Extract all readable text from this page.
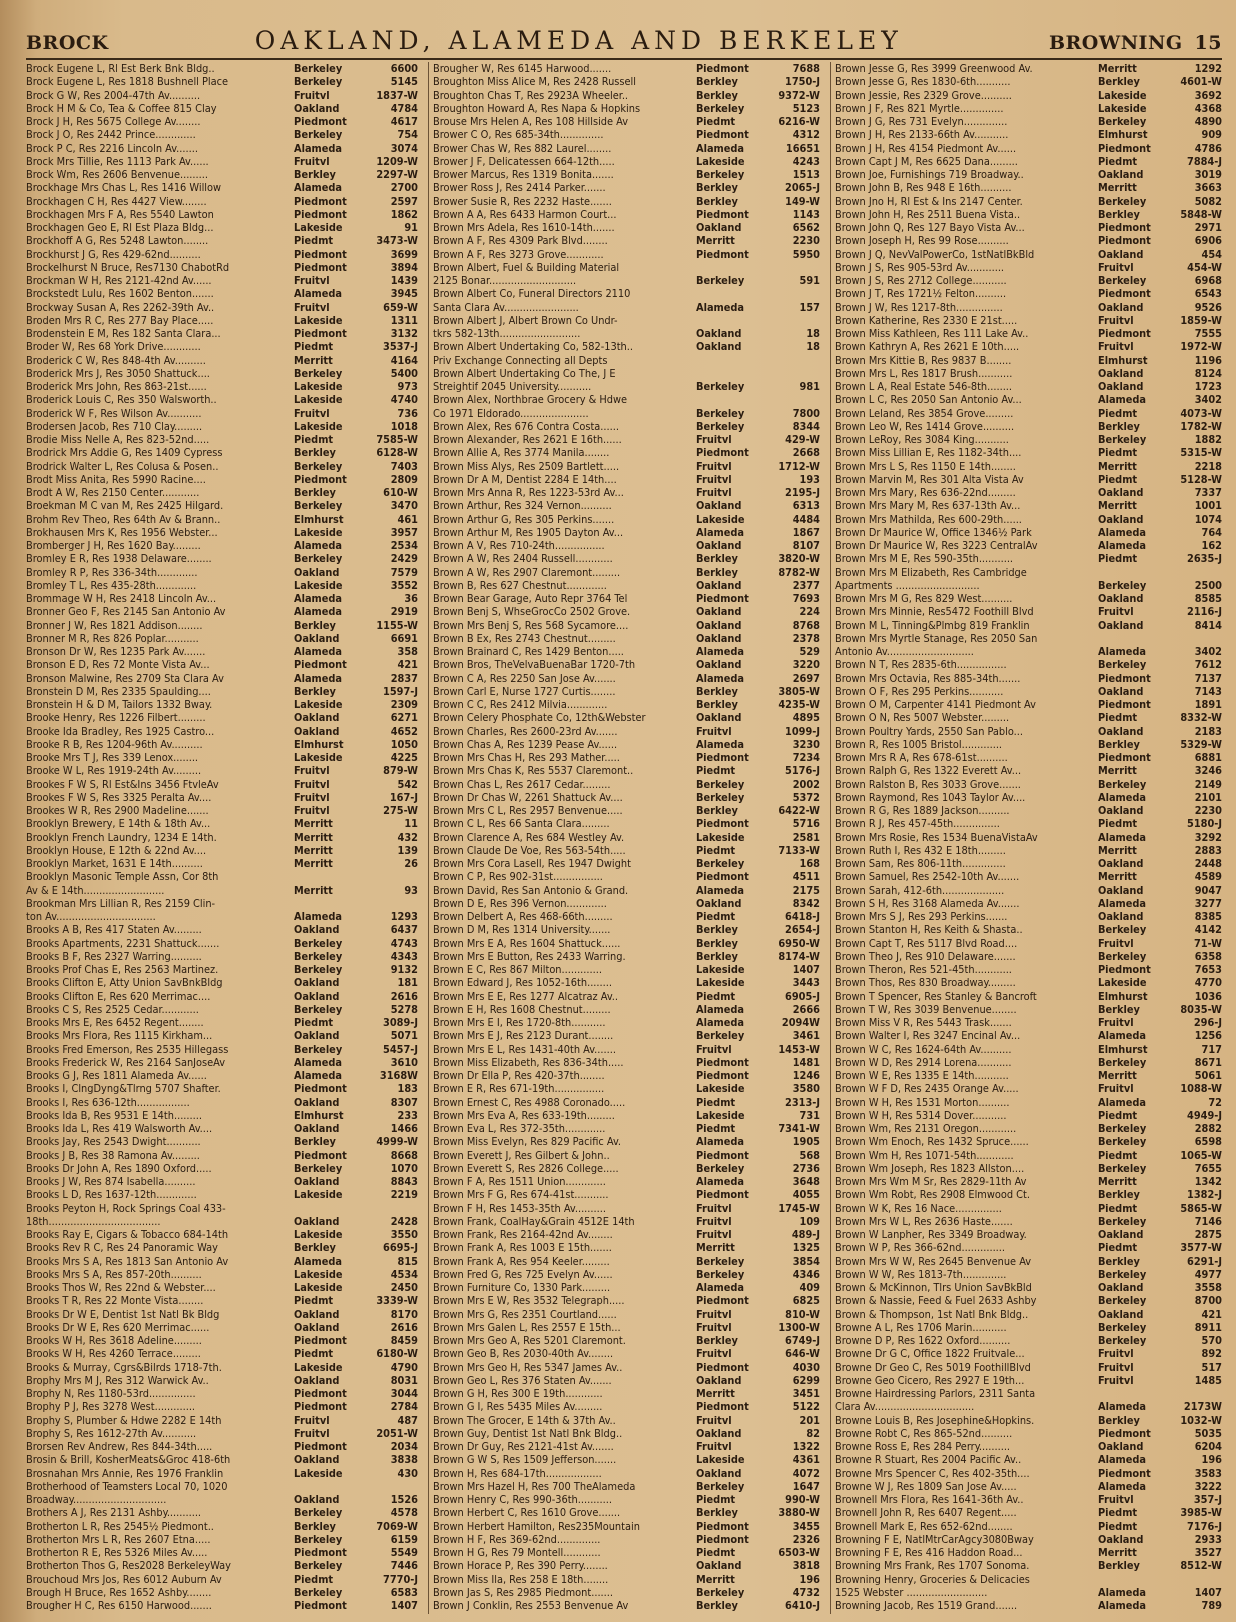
BROCK	OAKLAND, ALAMEDA AND BERKELEY	BROWNING 15
Brock Eugene L, Rl Est Berk Bnk Bldg..	Berkeley	6600
Brock Eugene L, Res 1818 Bushnell Place	Berkeley	5145
Brock G W, Res 2004-47th Av..........	Fruitvl	1837-W
Brock H M & Co, Tea & Coffee 815 Clay	Oakland	4784
Brock J H, Res 5675 College Av........	Piedmont	4617
Brock J O, Res 2442 Prince.............	Berkeley	754
Brock P C, Res 2216 Lincoln Av.......	Alameda	3074
Brock Mrs Tillie, Res 1113 Park Av......	Fruitvl	1209-W
Brock Wm, Res 2606 Benvenue.........	Berkley	2297-W
Brockhage Mrs Chas L, Res 1416 Willow	Alameda	2700
Brockhagen C H, Res 4427 View........	Piedmont	2597
Brockhagen Mrs F A, Res 5540 Lawton	Piedmont	1862
Brockhagen Geo E, Rl Est Plaza Bldg...	Lakeside	91
Brockhoff A G, Res 5248 Lawton........	Piedmt	3473-W
Brockhurst J G, Res 429-62nd..........	Piedmont	3699
Brockelhurst N Bruce, Res7130 ChabotRd	Piedmont	3894
Brockman W H, Res 2121-42nd Av......	Fruitvl	1439
Brockstedt Lulu, Res 1602 Benton.......	Alameda	3945
Brockway Susan A, Res 2262-39th Av..	Fruitvl	659-W
Broden Mrs R C, Res 277 Bay Place.....	Lakeside	1311
Brodenstein E M, Res 182 Santa Clara...	Piedmont	3132
Broder W, Res 68 York Drive............	Piedmt	3537-J
Broderick C W, Res 848-4th Av..........	Merritt	4164
Broderick Mrs J, Res 3050 Shattuck....	Berkeley	5400
Broderick Mrs John, Res 863-21st......	Lakeside	973
Broderick Louis C, Res 350 Walsworth..	Lakeside	4740
Broderick W F, Res Wilson Av...........	Fruitvl	736
Brodersen Jacob, Res 710 Clay.........	Lakeside	1018
Brodie Miss Nelle A, Res 823-52nd.....	Piedmt	7585-W
Brodrick Mrs Addie G, Res 1409 Cypress	Berkley	6128-W
Brodrick Walter L, Res Colusa & Posen..	Berkeley	7403
Brodt Miss Anita, Res 5990 Racine....	Piedmont	2809
Brodt A W, Res 2150 Center............	Berkley	610-W
Broekman M C van M, Res 2425 Hilgard.	Berkeley	3470
Brohm Rev Theo, Res 64th Av & Brann..	Elmhurst	461
Brokhausen Mrs K, Res 1956 Webster...	Lakeside	3957
Bromberger J H, Res 1620 Bay.........	Alameda	2534
Bromley E R, Res 1938 Delaware........	Berkeley	2429
Bromley R P, Res 336-34th.............	Oakland	7579
Bromley T L, Res 435-28th.............	Lakeside	3552
Brommage W H, Res 2418 Lincoln Av...	Alameda	36
Bronner Geo F, Res 2145 San Antonio Av	Alameda	2919
Bronner J W, Res 1821 Addison........	Berkley	1155-W
Bronner M R, Res 826 Poplar...........	Oakland	6691
Bronson Dr W, Res 1235 Park Av.......	Alameda	358
Bronson E D, Res 72 Monte Vista Av...	Piedmont	421
Bronson Malwine, Res 2709 Sta Clara Av	Alameda	2837
Bronstein D M, Res 2335 Spaulding....	Berkley	1597-J
Bronstein H & D M, Tailors 1332 Bway.	Lakeside	2309
Brooke Henry, Res 1226 Filbert.........	Oakland	6271
Brooke Ida Bradley, Res 1925 Castro...	Oakland	4652
Brooke R B, Res 1204-96th Av..........	Elmhurst	1050
Brooke Mrs T J, Res 339 Lenox........	Lakeside	4225
Brooke W L, Res 1919-24th Av.........	Fruitvl	879-W
Brookes F W S, Rl Est&Ins 3456 FtvleAv	Fruitvl	542
Brookes F W S, Res 3325 Peralta Av....	Fruitvl	167-J
Brookes W R, Res 2900 Madeline.......	Fruitvl	275-W
Brooklyn Brewery, E 14th & 18th Av...	Merritt	11
Brooklyn French Laundry, 1234 E 14th.	Merritt	432
Brooklyn House, E 12th & 22nd Av....	Merritt	139
Brooklyn Market, 1631 E 14th..........	Merritt	26
Brooklyn Masonic Temple Assn, Cor 8th
Av & E 14th..........................	Merritt	93
Brookman Mrs Lillian R, Res 2159 Clin-
ton Av................................	Alameda	1293
Brooks A B, Res 417 Staten Av.........	Oakland	6437
Brooks Apartments, 2231 Shattuck.......	Berkeley	4743
Brooks B F, Res 2327 Warring..........	Berkeley	4343
Brooks Prof Chas E, Res 2563 Martinez.	Berkeley	9132
Brooks Clifton E, Atty Union SavBnkBldg	Oakland	181
Brooks Clifton E, Res 620 Merrimac....	Oakland	2616
Brooks C S, Res 2525 Cedar............	Berkeley	5278
Brooks Mrs E, Res 6452 Regent........	Piedmt	3089-J
Brooks Mrs Flora, Res 1115 Kirkham...	Oakland	5071
Brooks Fred Emerson, Res 2535 Hillegass	Berkeley	5457-J
Brooks Frederick W, Res 2164 SanJoseAv	Alameda	3610
Brooks G J, Res 1811 Alameda Av......	Alameda	3168W
Brooks I, ClngDyng&Tlrng 5707 Shafter.	Piedmont	183
Brooks I, Res 636-12th.................	Oakland	8307
Brooks Ida B, Res 9531 E 14th.........	Elmhurst	233
Brooks Ida L, Res 419 Walsworth Av....	Oakland	1466
Brooks Jay, Res 2543 Dwight...........	Berkley	4999-W
Brooks J B, Res 38 Ramona Av.........	Piedmont	8668
Brooks Dr John A, Res 1890 Oxford.....	Berkeley	1070
Brooks J W, Res 874 Isabella..........	Oakland	8843
Brooks L D, Res 1637-12th.............	Lakeside	2219
Brooks Peyton H, Rock Springs Coal 433-
18th....................................	Oakland	2428
Brooks Ray E, Cigars & Tobacco 684-14th	Lakeside	3550
Brooks Rev R C, Res 24 Panoramic Way	Berkley	6695-J
Brooks Mrs S A, Res 1813 San Antonio Av	Alameda	815
Brooks Mrs S A, Res 857-20th..........	Lakeside	4534
Brooks Thos W, Res 22nd & Webster....	Lakeside	2450
Brooks T R, Res 22 Monte Vista........	Piedmt	3339-W
Brooks Dr W E, Dentist 1st Natl Bk Bldg	Oakland	8170
Brooks Dr W E, Res 620 Merrimac......	Oakland	2616
Brooks W H, Res 3618 Adeline.........	Piedmont	8459
Brooks W H, Res 4260 Terrace.........	Piedmt	6180-W
Brooks & Murray, Cgrs&Bilrds 1718-7th.	Lakeside	4790
Brophy Mrs M J, Res 312 Warwick Av..	Oakland	8031
Brophy N, Res 1180-53rd...............	Piedmont	3044
Brophy P J, Res 3278 West.............	Piedmont	2784
Brophy S, Plumber & Hdwe 2282 E 14th	Fruitvl	487
Brophy S, Res 1612-27th Av...........	Fruitvl	2051-W
Brorsen Rev Andrew, Res 844-34th.....	Piedmont	2034
Brosin & Brill, KosherMeats&Groc 418-6th	Oakland	3838
Brosnahan Mrs Annie, Res 1976 Franklin	Lakeside	430
Brotherhood of Teamsters Local 70, 1020
Broadway..............................	Oakland	1526
Brothers A J, Res 2131 Ashby...........	Berkeley	4578
Brotherton L R, Res 2545½ Piedmont..	Berkley	7069-W
Brotherton Mrs L R, Res 2607 Etna.....	Berkeley	6159
Brotherton R E, Res 5326 Miles Av.....	Piedmont	5549
Brotherton Thos G, Res2028 BerkeleyWay	Berkeley	7446
Brouchoud Mrs Jos, Res 6012 Auburn Av	Piedmt	7770-J
Brough H Bruce, Res 1652 Ashby........	Berkeley	6583
Brougher H C, Res 6150 Harwood.......	Piedmont	1407
Brougher W, Res 6145 Harwood.......	Piedmont	7688
Broughton Miss Alice M, Res 2428 Russell	Berkley	1750-J
Broughton Chas T, Res 2923A Wheeler..	Berkley	9372-W
Broughton Howard A, Res Napa & Hopkins	Berkeley	5123
Brouse Mrs Helen A, Res 108 Hillside Av	Piedmt	6216-W
Brower C O, Res 685-34th..............	Piedmont	4312
Brower Chas W, Res 882 Laurel........	Alameda	16651
Brower J F, Delicatessen 664-12th.....	Lakeside	4243
Brower Marcus, Res 1319 Bonita.......	Berkeley	1513
Brower Ross J, Res 2414 Parker.......	Berkley	2065-J
Brower Susie R, Res 2232 Haste.......	Berkley	149-W
Brown A A, Res 6433 Harmon Court...	Piedmont	1143
Brown Mrs Adela, Res 1610-14th.......	Oakland	6562
Brown A F, Res 4309 Park Blvd........	Merritt	2230
Brown A F, Res 3273 Grove............	Piedmont	5950
Brown Albert, Fuel & Building Material
2125 Bonar............................	Berkeley	591
Brown Albert Co, Funeral Directors 2110
Santa Clara Av........................	Alameda	157
Brown Albert J, Albert Brown Co Undr-
tkrs 582-13th..........................	Oakland	18
Brown Albert Undertaking Co, 582-13th..	Oakland	18
Priv Exchange Connecting all Depts
Brown Albert Undertaking Co The, J E
Streightif 2045 University...........	Berkeley	981
Brown Alex, Northbrae Grocery & Hdwe
Co 1971 Eldorado......................	Berkeley	7800
Brown Alex, Res 676 Contra Costa......	Berkeley	8344
Brown Alexander, Res 2621 E 16th......	Fruitvl	429-W
Brown Allie A, Res 3774 Manila........	Piedmont	2668
Brown Miss Alys, Res 2509 Bartlett.....	Fruitvl	1712-W
Brown Dr A M, Dentist 2284 E 14th....	Fruitvl	193
Brown Mrs Anna R, Res 1223-53rd Av...	Fruitvl	2195-J
Brown Arthur, Res 324 Vernon..........	Oakland	6313
Brown Arthur G, Res 305 Perkins.......	Lakeside	4484
Brown Arthur M, Res 1905 Dayton Av...	Alameda	1867
Brown A V, Res 710-24th................	Oakland	8107
Brown A W, Res 2404 Russell............	Berkley	3820-W
Brown A W, Res 2907 Claremont.........	Berkley	8782-W
Brown B, Res 627 Chestnut.............	Oakland	2377
Brown Bear Garage, Auto Repr 3764 Tel	Piedmont	7693
Brown Benj S, WhseGrocCo 2502 Grove.	Oakland	224
Brown Mrs Benj S, Res 568 Sycamore....	Oakland	8768
Brown B Ex, Res 2743 Chestnut.........	Oakland	2378
Brown Brainard C, Res 1429 Benton.....	Alameda	529
Brown Bros, TheVelvaBuenaBar 1720-7th	Oakland	3220
Brown C A, Res 2250 San Jose Av.......	Alameda	2697
Brown Carl E, Nurse 1727 Curtis........	Berkley	3805-W
Brown C C, Res 2412 Milvia.............	Berkley	4235-W
Brown Celery Phosphate Co, 12th&Webster	Oakland	4895
Brown Charles, Res 2600-23rd Av.......	Fruitvl	1099-J
Brown Chas A, Res 1239 Pease Av......	Alameda	3230
Brown Mrs Chas H, Res 293 Mather.....	Piedmont	7234
Brown Mrs Chas K, Res 5537 Claremont..	Piedmt	5176-J
Brown Chas L, Res 2617 Cedar.........	Berkeley	2002
Brown Dr Chas W, 2261 Shattuck Av....	Berkeley	5372
Brown Mrs C L, Res 2957 Benvenue.....	Berkley	6422-W
Brown C L, Res 66 Santa Clara.........	Piedmont	5716
Brown Clarence A, Res 684 Westley Av.	Lakeside	2581
Brown Claude De Voe, Res 563-54th.....	Piedmt	7133-W
Brown Mrs Cora Lasell, Res 1947 Dwight	Berkeley	168
Brown C P, Res 902-31st................	Piedmont	4511
Brown David, Res San Antonio & Grand.	Alameda	2175
Brown D E, Res 396 Vernon.............	Oakland	8342
Brown Delbert A, Res 468-66th.........	Piedmt	6418-J
Brown D M, Res 1314 University.......	Berkley	2654-J
Brown Mrs E A, Res 1604 Shattuck......	Berkley	6950-W
Brown Mrs E Button, Res 2433 Warring.	Berkley	8174-W
Brown E C, Res 867 Milton.............	Lakeside	1407
Brown Edward J, Res 1052-16th........	Lakeside	3443
Brown Mrs E E, Res 1277 Alcatraz Av..	Piedmt	6905-J
Brown E H, Res 1608 Chestnut.........	Alameda	2666
Brown Mrs E I, Res 1720-8th...........	Alameda	2094W
Brown Mrs E J, Res 2123 Durant........	Berkeley	3461
Brown Mrs E L, Res 1431-40th Av.......	Fruitvl	1453-W
Brown Miss Elizabeth, Res 836-34th.....	Piedmont	1481
Brown Dr Ella P, Res 420-37th........	Piedmont	1246
Brown E R, Res 671-19th................	Lakeside	3580
Brown Ernest C, Res 4988 Coronado.....	Piedmt	2313-J
Brown Mrs Eva A, Res 633-19th.........	Lakeside	731
Brown Eva L, Res 372-35th.............	Piedmt	7341-W
Brown Miss Evelyn, Res 829 Pacific Av.	Alameda	1905
Brown Everett J, Res Gilbert & John..	Piedmont	568
Brown Everett S, Res 2826 College.....	Berkeley	2736
Brown F A, Res 1511 Union.............	Alameda	3648
Brown Mrs F G, Res 674-41st...........	Piedmont	4055
Brown F H, Res 1453-35th Av..........	Fruitvl	1745-W
Brown Frank, CoalHay&Grain 4512E 14th	Fruitvl	109
Brown Frank, Res 2164-42nd Av........	Fruitvl	489-J
Brown Frank A, Res 1003 E 15th.......	Merritt	1325
Brown Frank A, Res 954 Keeler.........	Berkeley	3854
Brown Fred G, Res 725 Evelyn Av......	Berkeley	4346
Brown Furniture Co, 1330 Park.........	Alameda	409
Brown Mrs E W, Res 3532 Telegraph.....	Piedmont	6825
Brown Mrs G, Res 2351 Courtland......	Fruitvl	810-W
Brown Mrs Galen L, Res 2557 E 15th...	Fruitvl	1300-W
Brown Mrs Geo A, Res 5201 Claremont.	Berkley	6749-J
Brown Geo B, Res 2030-40th Av........	Fruitvl	646-W
Brown Mrs Geo H, Res 5347 James Av..	Piedmont	4030
Brown Geo L, Res 376 Staten Av.......	Oakland	6299
Brown G H, Res 300 E 19th............	Merritt	3451
Brown G I, Res 5435 Miles Av.........	Piedmont	5122
Brown The Grocer, E 14th & 37th Av..	Fruitvl	201
Brown Guy, Dentist 1st Natl Bnk Bldg..	Oakland	82
Brown Dr Guy, Res 2121-41st Av.......	Fruitvl	1322
Brown G W S, Res 1509 Jefferson.......	Lakeside	4361
Brown H, Res 684-17th..................	Oakland	4072
Brown Mrs Hazel H, Res 700 TheAlameda	Berkeley	1647
Brown Henry C, Res 990-36th...........	Piedmt	990-W
Brown Herbert C, Res 1610 Grove.......	Berkley	3880-W
Brown Herbert Hamilton, Res235Mountain	Piedmont	3455
Brown H F, Res 369-62nd..............	Piedmont	2326
Brown H G, Res 79 Montell............	Piedmt	6503-W
Brown Horace P, Res 390 Perry........	Oakland	3818
Brown Miss Ila, Res 258 E 18th........	Merritt	196
Brown Jas S, Res 2985 Piedmont.......	Berkeley	4732
Brown J Conklin, Res 2553 Benvenue Av	Berkley	6410-J
Brown Jesse G, Res 3999 Greenwood Av.	Merritt	1292
Brown Jesse G, Res 1830-6th...........	Berkley	4601-W
Brown Jessie, Res 2329 Grove..........	Lakeside	3692
Brown J F, Res 821 Myrtle..............	Lakeside	4368
Brown J G, Res 731 Evelyn..............	Berkeley	4890
Brown J H, Res 2133-66th Av...........	Elmhurst	909
Brown J H, Res 4154 Piedmont Av......	Piedmont	4786
Brown Capt J M, Res 6625 Dana.........	Piedmt	7884-J
Brown Joe, Furnishings 719 Broadway..	Oakland	3019
Brown John B, Res 948 E 16th..........	Merritt	3663
Brown Jno H, Rl Est & Ins 2147 Center.	Berkeley	5082
Brown John H, Res 2511 Buena Vista..	Berkley	5848-W
Brown John Q, Res 127 Bayo Vista Av...	Piedmont	2971
Brown Joseph H, Res 99 Rose..........	Piedmont	6906
Brown J Q, NevValPowerCo, 1stNatlBkBld	Oakland	454
Brown J S, Res 905-53rd Av............	Fruitvl	454-W
Brown J S, Res 2712 College...........	Berkeley	6968
Brown J T, Res 1721½ Felton..........	Piedmont	6543
Brown J W, Res 1217-8th...............	Oakland	9526
Brown Katherine, Res 2330 E 21st.....	Fruitvl	1859-W
Brown Miss Kathleen, Res 111 Lake Av..	Piedmont	7555
Brown Kathryn A, Res 2621 E 10th.....	Fruitvl	1972-W
Brown Mrs Kittie B, Res 9837 B........	Elmhurst	1196
Brown Mrs L, Res 1817 Brush...........	Oakland	8124
Brown L A, Real Estate 546-8th........	Oakland	1723
Brown L C, Res 2050 San Antonio Av...	Alameda	3402
Brown Leland, Res 3854 Grove.........	Piedmt	4073-W
Brown Leo W, Res 1414 Grove..........	Berkley	1782-W
Brown LeRoy, Res 3084 King...........	Berkeley	1882
Brown Miss Lillian E, Res 1182-34th....	Piedmt	5315-W
Brown Mrs L S, Res 1150 E 14th........	Merritt	2218
Brown Marvin M, Res 301 Alta Vista Av	Piedmt	5128-W
Brown Mrs Mary, Res 636-22nd.........	Oakland	7337
Brown Mrs Mary M, Res 637-13th Av...	Merritt	1001
Brown Mrs Mathilda, Res 600-29th......	Oakland	1074
Brown Dr Maurice W, Office 1346½ Park	Alameda	764
Brown Dr Maurice W, Res 3223 CentralAv	Alameda	162
Brown Mrs M E, Res 590-35th...........	Piedmt	2635-J
Brown Mrs M Elizabeth, Res Cambridge
Apartments ...........................	Berkeley	2500
Brown Mrs M G, Res 829 West..........	Oakland	8585
Brown Mrs Minnie, Res5472 Foothill Blvd	Fruitvl	2116-J
Brown M L, Tinning&Plmbg 819 Franklin	Oakland	8414
Brown Mrs Myrtle Stanage, Res 2050 San
Antonio Av............................	Alameda	3402
Brown N T, Res 2835-6th................	Berkeley	7612
Brown Mrs Octavia, Res 885-34th.......	Piedmont	7137
Brown O F, Res 295 Perkins...........	Oakland	7143
Brown O M, Carpenter 4141 Piedmont Av	Piedmont	1891
Brown O N, Res 5007 Webster.........	Piedmt	8332-W
Brown Poultry Yards, 2550 San Pablo...	Oakland	2183
Brown R, Res 1005 Bristol.............	Berkley	5329-W
Brown Mrs R A, Res 678-61st..........	Piedmont	6881
Brown Ralph G, Res 1322 Everett Av...	Merritt	3246
Brown Ralston B, Res 3033 Grove.......	Berkeley	2149
Brown Raymond, Res 1043 Taylor Av....	Alameda	2101
Brown R G, Res 1889 Jackson..........	Oakland	2230
Brown R J, Res 457-45th...............	Piedmt	5180-J
Brown Mrs Rosie, Res 1534 BuenaVistaAv	Alameda	3292
Brown Ruth I, Res 432 E 18th.........	Merritt	2883
Brown Sam, Res 806-11th..............	Oakland	2448
Brown Samuel, Res 2542-10th Av.......	Merritt	4589
Brown Sarah, 412-6th....................	Oakland	9047
Brown S H, Res 3168 Alameda Av.......	Alameda	3277
Brown Mrs S J, Res 293 Perkins.......	Oakland	8385
Brown Stanton H, Res Keith & Shasta..	Berkeley	4142
Brown Capt T, Res 5117 Blvd Road....	Fruitvl	71-W
Brown Theo J, Res 910 Delaware.......	Berkeley	6358
Brown Theron, Res 521-45th............	Piedmont	7653
Brown Thos, Res 830 Broadway.........	Lakeside	4770
Brown T Spencer, Res Stanley & Bancroft	Elmhurst	1036
Brown T W, Res 3039 Benvenue........	Berkley	8035-W
Brown Miss V R, Res 5443 Trask.......	Fruitvl	296-J
Brown Walter I, Res 3247 Encinal Av...	Alameda	1256
Brown W C, Res 1624-64th Av..........	Elmhurst	717
Brown W D, Res 2914 Lorena...........	Berkeley	8671
Brown W E, Res 1335 E 14th...........	Merritt	5061
Brown W F D, Res 2435 Orange Av.....	Fruitvl	1088-W
Brown W H, Res 1531 Morton..........	Alameda	72
Brown W H, Res 5314 Dover...........	Piedmt	4949-J
Brown Wm, Res 2131 Oregon............	Berkeley	2882
Brown Wm Enoch, Res 1432 Spruce......	Berkeley	6598
Brown Wm H, Res 1071-54th............	Piedmt	1065-W
Brown Wm Joseph, Res 1823 Allston....	Berkeley	7655
Brown Mrs Wm M Sr, Res 2829-11th Av	Merritt	1342
Brown Wm Robt, Res 2908 Elmwood Ct.	Berkley	1382-J
Brown W K, Res 16 Nace...............	Piedmt	5865-W
Brown Mrs W L, Res 2636 Haste.......	Berkeley	7146
Brown W Lanpher, Res 3349 Broadway.	Oakland	2875
Brown W P, Res 366-62nd..............	Piedmt	3577-W
Brown Mrs W W, Res 2645 Benvenue Av	Berkley	6291-J
Brown W W, Res 1813-7th..............	Berkeley	4977
Brown & McKinnon, Tlrs Union SavBkBld	Oakland	3558
Brown & Nassie, Feed & Fuel 2633 Ashby	Berkeley	8700
Brown & Thompson, 1st Natl Bnk Bldg..	Oakland	421
Browne A L, Res 1706 Marin...........	Berkeley	8911
Browne D P, Res 1622 Oxford..........	Berkeley	570
Browne Dr G C, Office 1822 Fruitvale...	Fruitvl	892
Browne Dr Geo C, Res 5019 FoothillBlvd	Fruitvl	517
Browne Geo Cicero, Res 2927 E 19th...	Fruitvl	1485
Browne Hairdressing Parlors, 2311 Santa
Clara Av................................	Alameda	2173W
Browne Louis B, Res Josephine&Hopkins.	Berkley	1032-W
Browne Robt C, Res 865-52nd..........	Piedmont	5035
Browne Ross E, Res 284 Perry..........	Oakland	6204
Browne R Stuart, Res 2004 Pacific Av..	Alameda	196
Browne Mrs Spencer C, Res 402-35th....	Piedmont	3583
Browne W J, Res 1809 San Jose Av.....	Alameda	3222
Brownell Mrs Flora, Res 1641-36th Av..	Fruitvl	357-J
Brownell John R, Res 6407 Regent.....	Piedmt	3985-W
Brownell Mark E, Res 652-62nd........	Piedmt	7176-J
Browning F E, NatlMtrCarAgcy3080Bway	Oakland	2933
Browning F E, Res 416 Haddon Road...	Merritt	3527
Browning Mrs Frank, Res 1707 Sonoma.	Berkley	8512-W
Browning Henry, Groceries & Delicacies
1525 Webster ..........................	Alameda	1407
Browning Jacob, Res 1519 Grand.......	Alameda	789
